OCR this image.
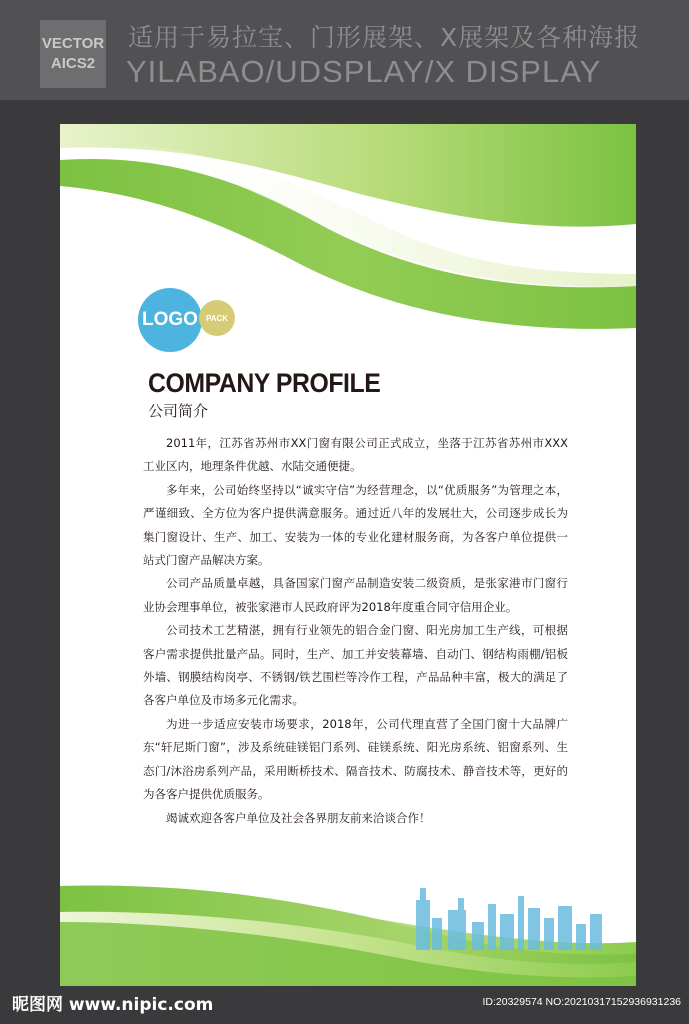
VECTOR
AICS2
适用于易拉宝、门形展架、X展架及各种海报
YILABAO/UDSPLAY/X DISPLAY
LOGO PACK
COMPANY PROFILE
公司简介

2011年，江苏省苏州市XX门窗有限公司正式成立，坐落于江苏省苏州市XXX工业区内，地理条件优越、水陆交通便捷。

多年来，公司始终坚持以“诚实守信”为经营理念，以“优质服务”为管理之本，严谨细致、全方位为客户提供满意服务。通过近八年的发展壮大，公司逐步成长为集门窗设计、生产、加工、安装为一体的专业化建材服务商，为各客户单位提供一站式门窗产品解决方案。

公司产品质量卓越，具备国家门窗产品制造安装二级资质，是张家港市门窗行业协会理事单位，被张家港市人民政府评为2018年度重合同守信用企业。

公司技术工艺精湛，拥有行业领先的铝合金门窗、阳光房加工生产线，可根据客户需求提供批量产品。同时，生产、加工并安装幕墙、自动门、钢结构雨棚/铝板外墙、钢膜结构岗亭、不锈钢/铁艺围栏等冷作工程，产品品种丰富，极大的满足了各客户单位及市场多元化需求。

为进一步适应安装市场要求，2018年，公司代理直营了全国门窗十大品牌广东“轩尼斯门窗”，涉及系统硅镁铝门系列、硅镁系统、阳光房系统、铝窗系列、生态门/沐浴房系列产品，采用断桥技术、隔音技术、防腐技术、静音技术等，更好的为各客户提供优质服务。

竭诚欢迎各客户单位及社会各界朋友前来洽谈合作！

昵图网 www.nipic.com	ID:20329574 NO:20210317152936931236
